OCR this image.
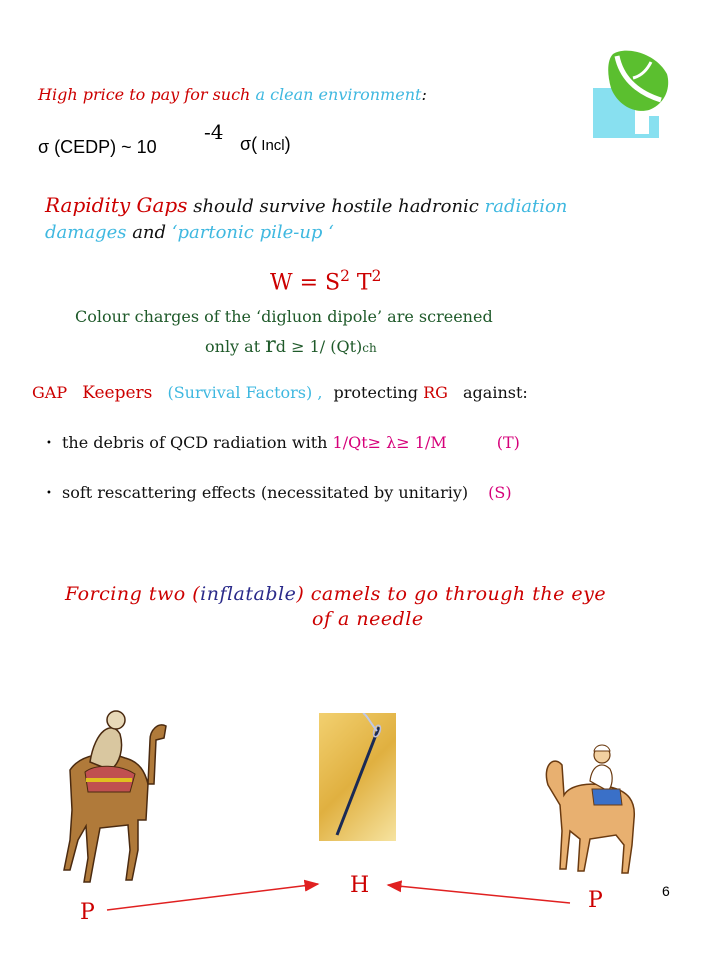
High price to pay for such a clean environment:
σ (CEDP) ~ 10
-4 σ( Incl)
Rapidity Gaps should survive hostile hadronic radiation
damages and ‘partonic pile-up ‘
$W = S^2$ $T^2$
Colour charges of the ‘digluon dipole’ are screened
only at rd ≥ 1/ (Qt)ch
GAP Keepers (Survival Factors) , protecting RG against:
• the debris of QCD radiation with 1/Qt≥ λ≥ 1/M	(T)
• soft rescattering effects (necessitated by unitariy) (S)
Forcing two (inflatable) camels to go through the eye
of a needle
H
P	P	6
